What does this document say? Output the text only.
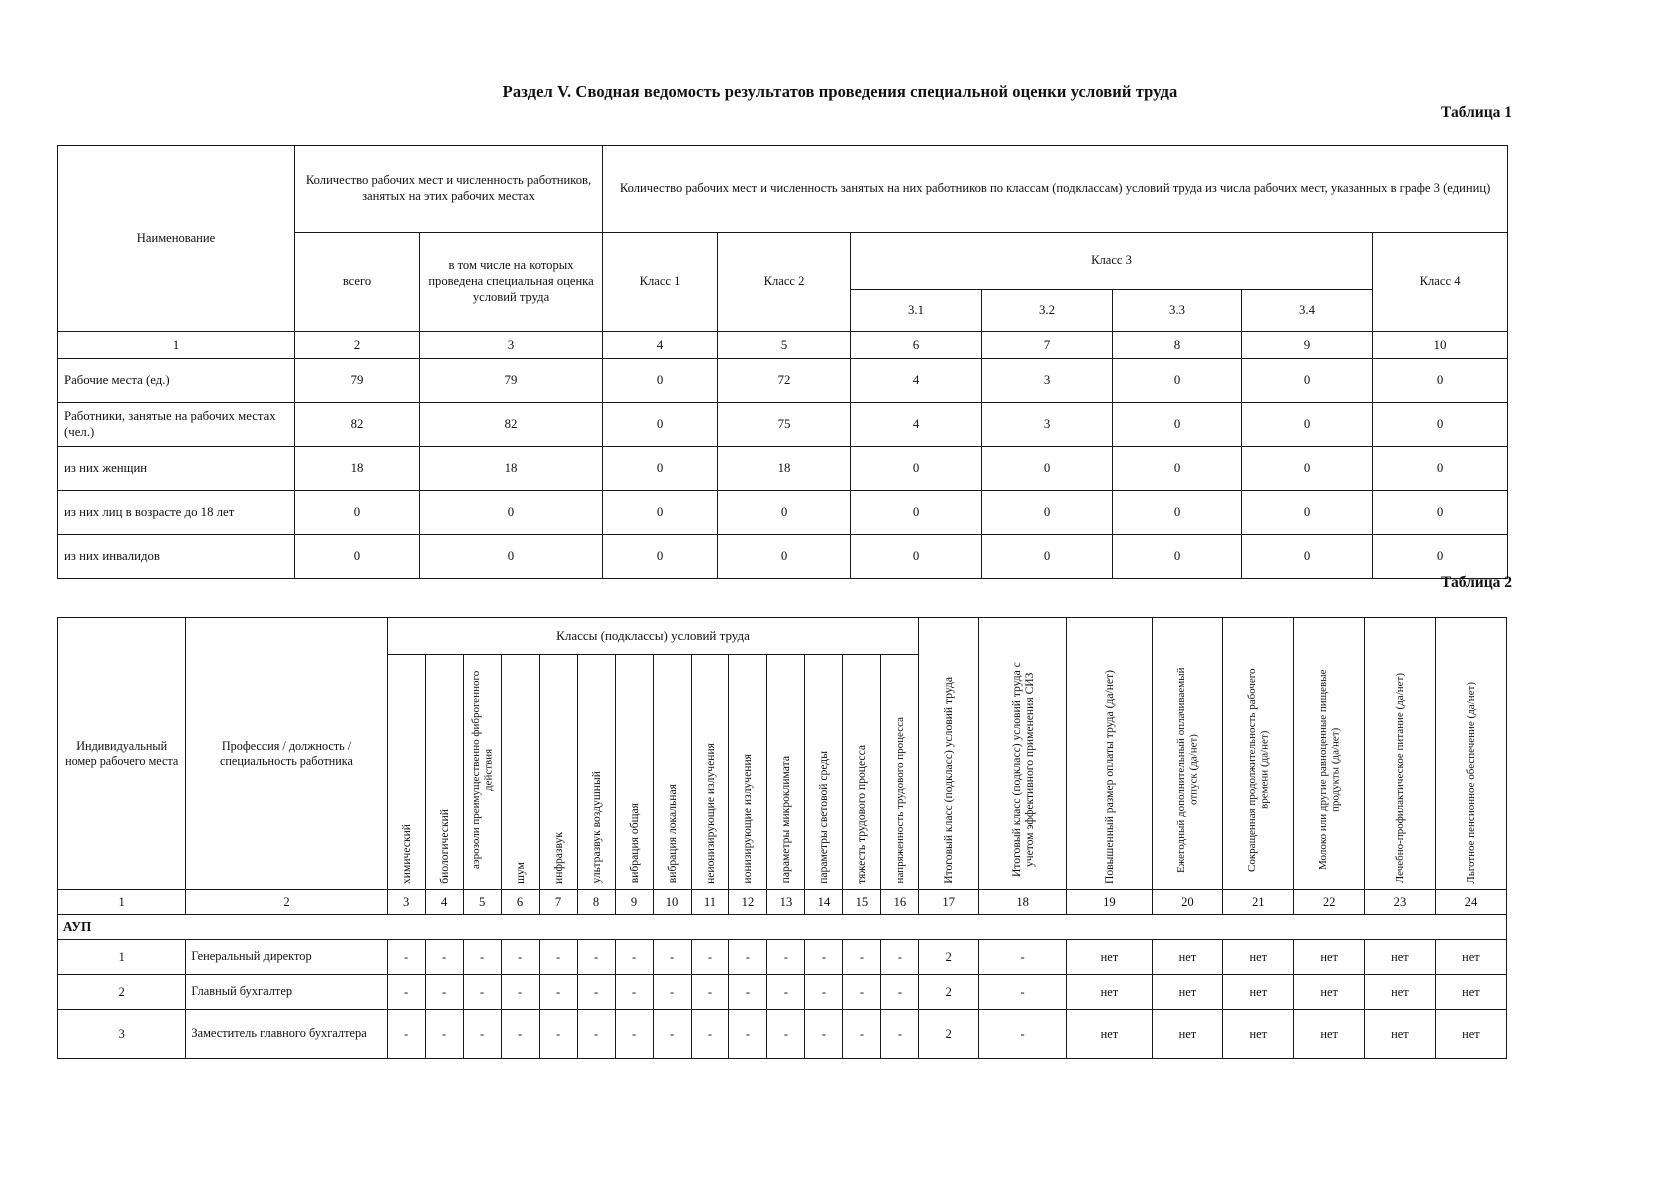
Раздел V. Сводная ведомость результатов проведения специальной оценки условий труда
Таблица 1
Наименование	Количество рабочих мест и численность работников, занятых на этих рабочих местах		Количество рабочих мест и численность занятых на них работников по классам (подклассам) условий труда из числа рабочих мест, указанных в графе 3 (единиц)						
	всего	в том числе на которых проведена специальная оценка условий труда	Класс 1	Класс 2	Класс 3				Класс 4
					3.1	3.2	3.3	3.4	
1	2	3	4	5	6	7	8	9	10
Рабочие места (ед.)	79	79	0	72	4	3	0	0	0
Работники, занятые на рабочих местах (чел.)	82	82	0	75	4	3	0	0	0
из них женщин	18	18	0	18	0	0	0	0	0
из них лиц в возрасте до 18 лет	0	0	0	0	0	0	0	0	0
из них инвалидов	0	0	0	0	0	0	0	0	0
Таблица 2
Индивидуальный номер рабочего места	Профессия / должность / специальность работника	Классы (подклассы) условий труда														Итоговый класс (подкласс) условий труда	Итоговый класс (подкласс) условий труда с учетом эффективного применения СИЗ	Повышенный размер оплаты труда (да/нет)	Ежегодный дополнительный оплачиваемый отпуск (да/нет)	Сокращенная продолжительность рабочего времени (да/нет)	Молоко или другие равноценные пищевые продукты (да/нет)	Лечебно-профилактическое питание (да/нет)	Льготное пенсионное обеспечение (да/нет)
		химический	биологический	аэрозоли преимущественно фиброгенного действия	шум	инфразвук	ультразвук воздушный	вибрация общая	вибрация локальная	неионизирующие излучения	ионизирующие излучения	параметры микроклимата	параметры световой среды	тяжесть трудового процесса	напряженность трудового процесса								
1	2	3	4	5	6	7	8	9	10	11	12	13	14	15	16	17	18	19	20	21	22	23	24
АУП																							
1	Генеральный директор	-	-	-	-	-	-	-	-	-	-	-	-	-	-	2	-	нет	нет	нет	нет	нет	нет
2	Главный бухгалтер	-	-	-	-	-	-	-	-	-	-	-	-	-	-	2	-	нет	нет	нет	нет	нет	нет
3	Заместитель главного бухгалтера	-	-	-	-	-	-	-	-	-	-	-	-	-	-	2	-	нет	нет	нет	нет	нет	нет
